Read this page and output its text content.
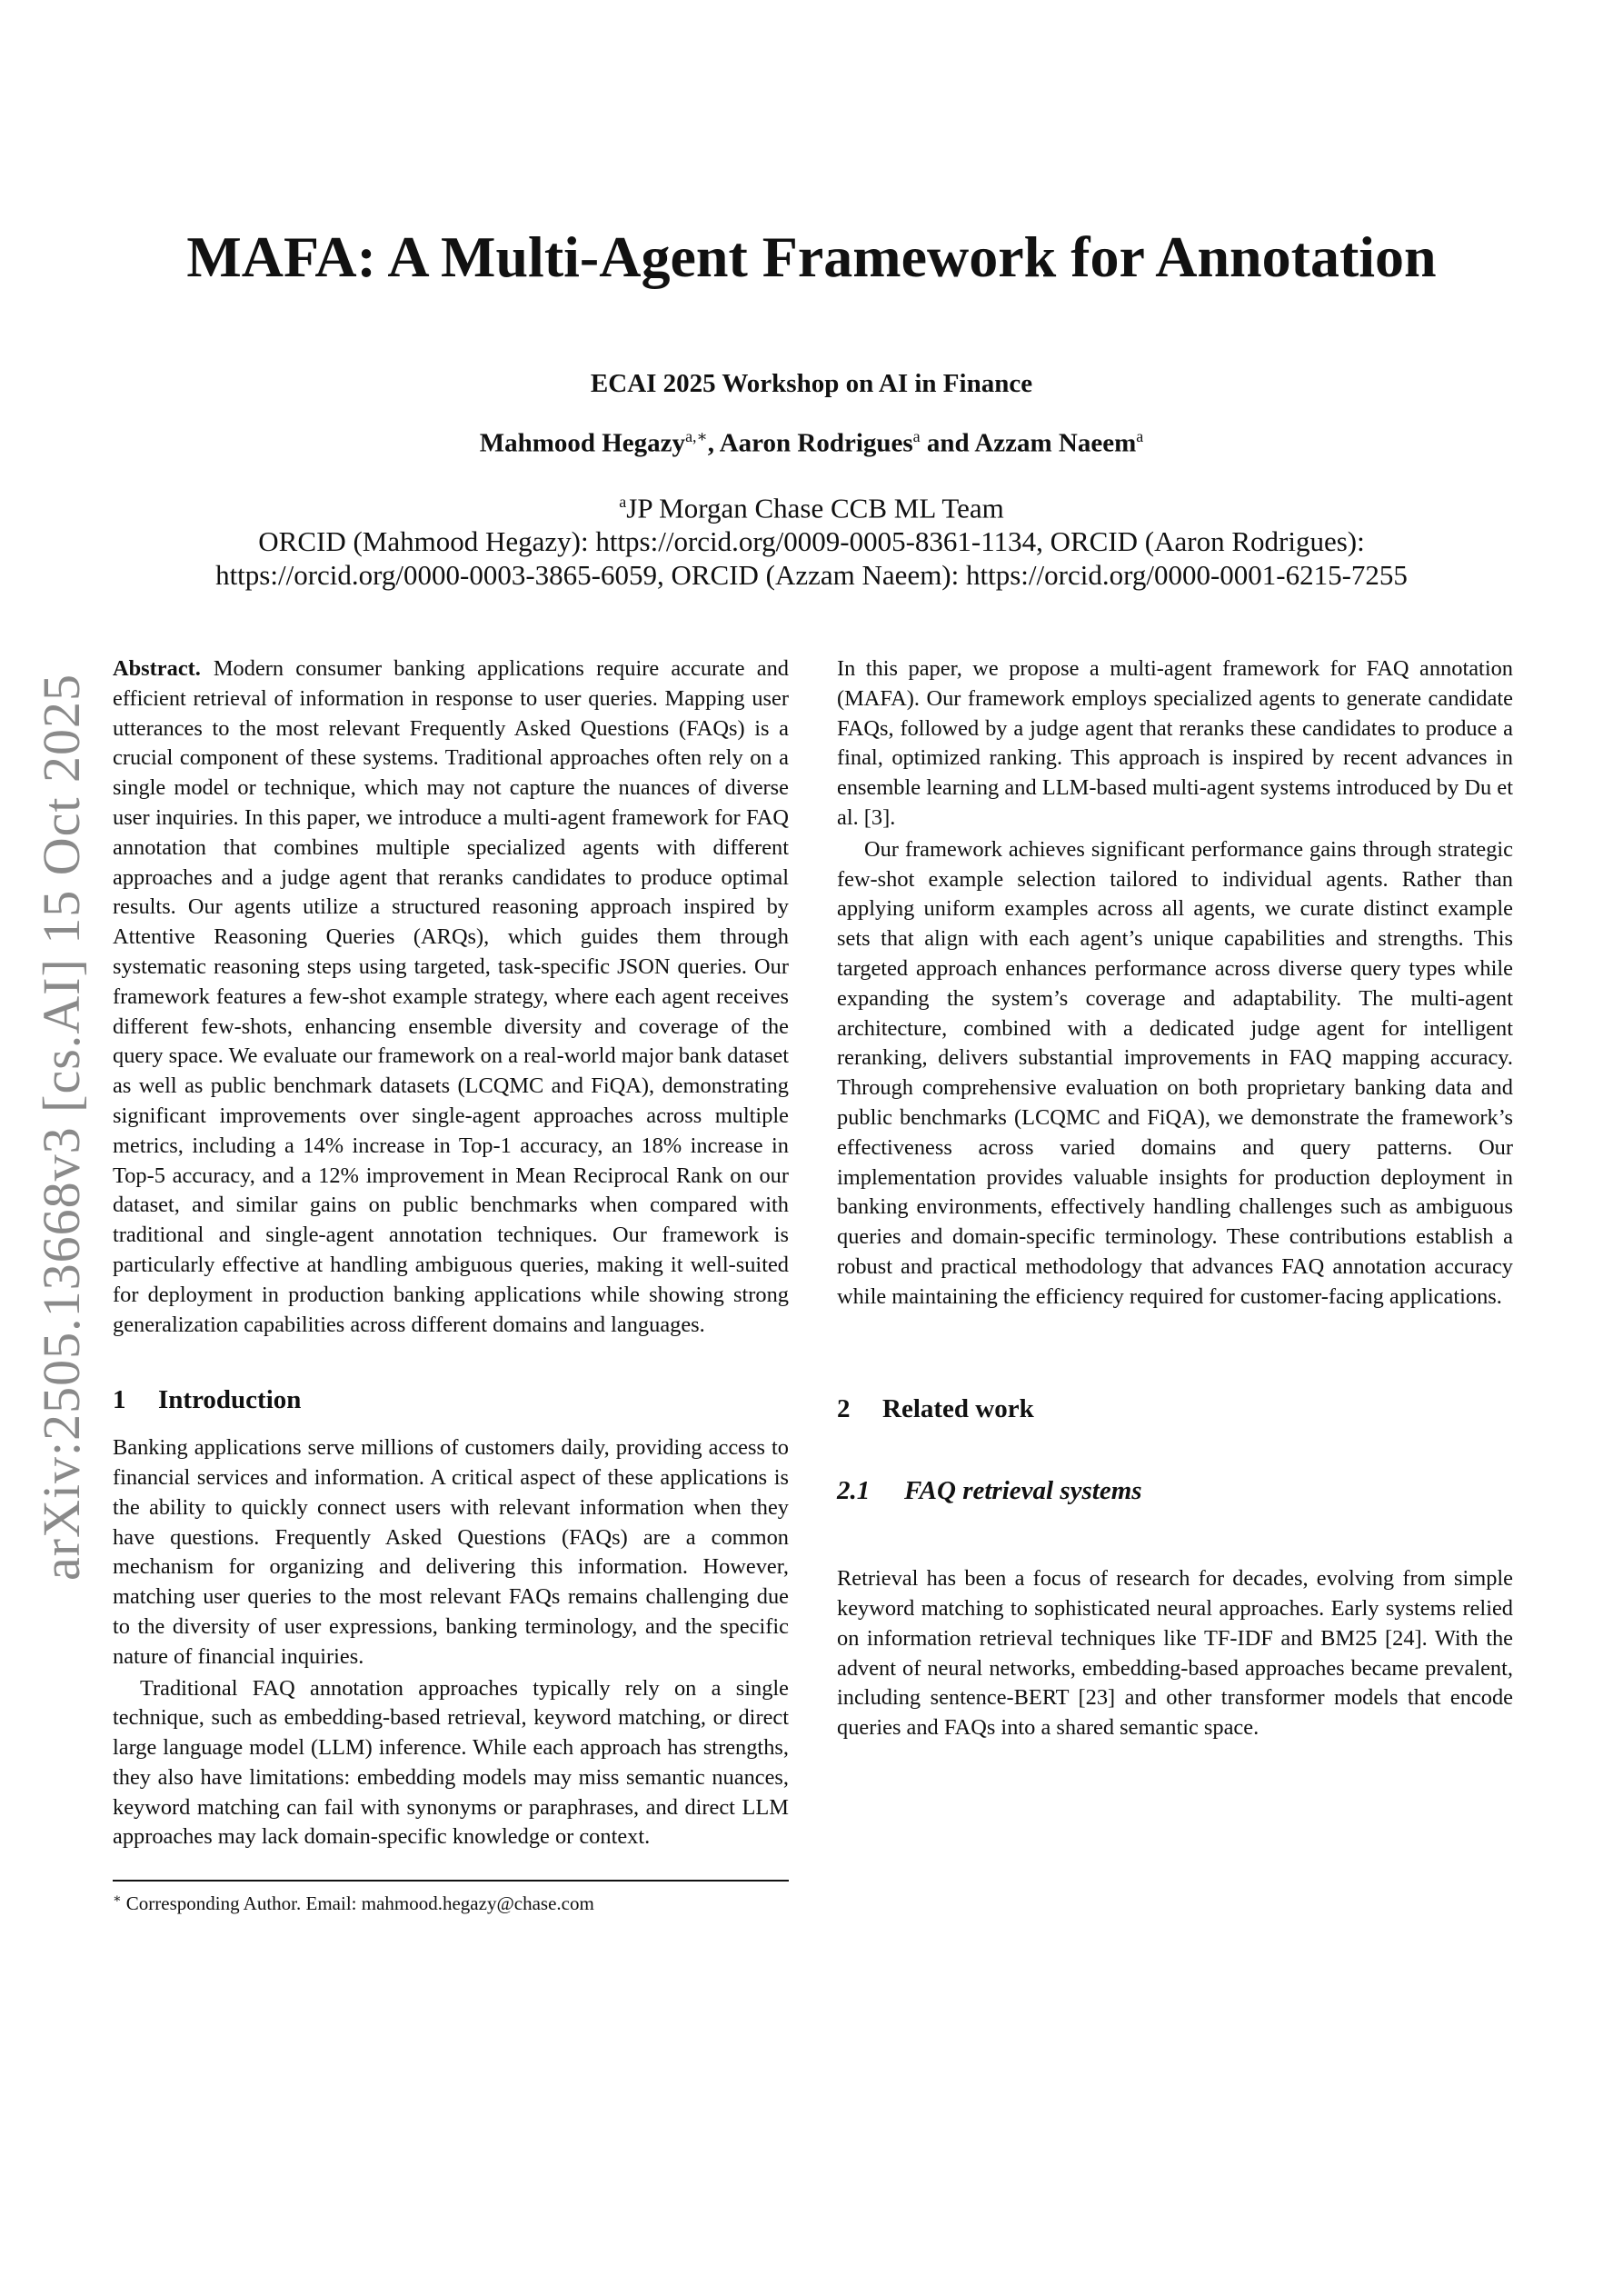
MAFA: A Multi-Agent Framework for Annotation
ECAI 2025 Workshop on AI in Finance
Mahmood Hegazy$^{a,∗}$, Aaron Rodrigues$^a$ and Azzam Naeem$^a$
$^a$JP Morgan Chase CCB ML Team
ORCID (Mahmood Hegazy): https://orcid.org/0009-0005-8361-1134, ORCID (Aaron Rodrigues):
https://orcid.org/0000-0003-3865-6059, ORCID (Azzam Naeem): https://orcid.org/0000-0001-6215-7255
arXiv:2505.13668v3 [cs.AI] 15 Oct 2025

Abstract. Modern consumer banking applications require accurate and efficient retrieval of information in response to user queries. Mapping user utterances to the most relevant Frequently Asked Questions (FAQs) is a crucial component of these systems. Traditional approaches often rely on a single model or technique, which may not capture the nuances of diverse user inquiries. In this paper, we introduce a multi-agent framework for FAQ annotation that combines multiple specialized agents with different approaches and a judge agent that reranks candidates to produce optimal results. Our agents utilize a structured reasoning approach inspired by Attentive Reasoning Queries (ARQs), which guides them through systematic reasoning steps using targeted, task-specific JSON queries. Our framework features a few-shot example strategy, where each agent receives different few-shots, enhancing ensemble diversity and coverage of the query space. We evaluate our framework on a real-world major bank dataset as well as public benchmark datasets (LCQMC and FiQA), demonstrating significant improvements over single-agent approaches across multiple metrics, including a 14% increase in Top-1 accuracy, an 18% increase in Top-5 accuracy, and a 12% improvement in Mean Reciprocal Rank on our dataset, and similar gains on public benchmarks when compared with traditional and single-agent annotation techniques. Our framework is particularly effective at handling ambiguous queries, making it well-suited for deployment in production banking applications while showing strong generalization capabilities across different domains and languages.

1 Introduction

Banking applications serve millions of customers daily, providing access to financial services and information. A critical aspect of these applications is the ability to quickly connect users with relevant information when they have questions. Frequently Asked Questions (FAQs) are a common mechanism for organizing and delivering this information. However, matching user queries to the most relevant FAQs remains challenging due to the diversity of user expressions, banking terminology, and the specific nature of financial inquiries.

Traditional FAQ annotation approaches typically rely on a single technique, such as embedding-based retrieval, keyword matching, or direct large language model (LLM) inference. While each approach has strengths, they also have limitations: embedding models may miss semantic nuances, keyword matching can fail with synonyms or paraphrases, and direct LLM approaches may lack domain-specific knowledge or context.

In this paper, we propose a multi-agent framework for FAQ annotation (MAFA). Our framework employs specialized agents to generate candidate FAQs, followed by a judge agent that reranks these candidates to produce a final, optimized ranking. This approach is inspired by recent advances in ensemble learning and LLM-based multi-agent systems introduced by Du et al. [3].

Our framework achieves significant performance gains through strategic few-shot example selection tailored to individual agents. Rather than applying uniform examples across all agents, we curate distinct example sets that align with each agent’s unique capabilities and strengths. This targeted approach enhances performance across diverse query types while expanding the system’s coverage and adaptability. The multi-agent architecture, combined with a dedicated judge agent for intelligent reranking, delivers substantial improvements in FAQ mapping accuracy. Through comprehensive evaluation on both proprietary banking data and public benchmarks (LCQMC and FiQA), we demonstrate the framework’s effectiveness across varied domains and query patterns. Our implementation provides valuable insights for production deployment in banking environments, effectively handling challenges such as ambiguous queries and domain-specific terminology. These contributions establish a robust and practical methodology that advances FAQ annotation accuracy while maintaining the efficiency required for customer-facing applications.

2 Related work
2.1 FAQ retrieval systems

Retrieval has been a focus of research for decades, evolving from simple keyword matching to sophisticated neural approaches. Early systems relied on information retrieval techniques like TF-IDF and BM25 [24]. With the advent of neural networks, embedding-based approaches became prevalent, including sentence-BERT [23] and other transformer models that encode queries and FAQs into a shared semantic space.

∗ Corresponding Author. Email: mahmood.hegazy@chase.com
